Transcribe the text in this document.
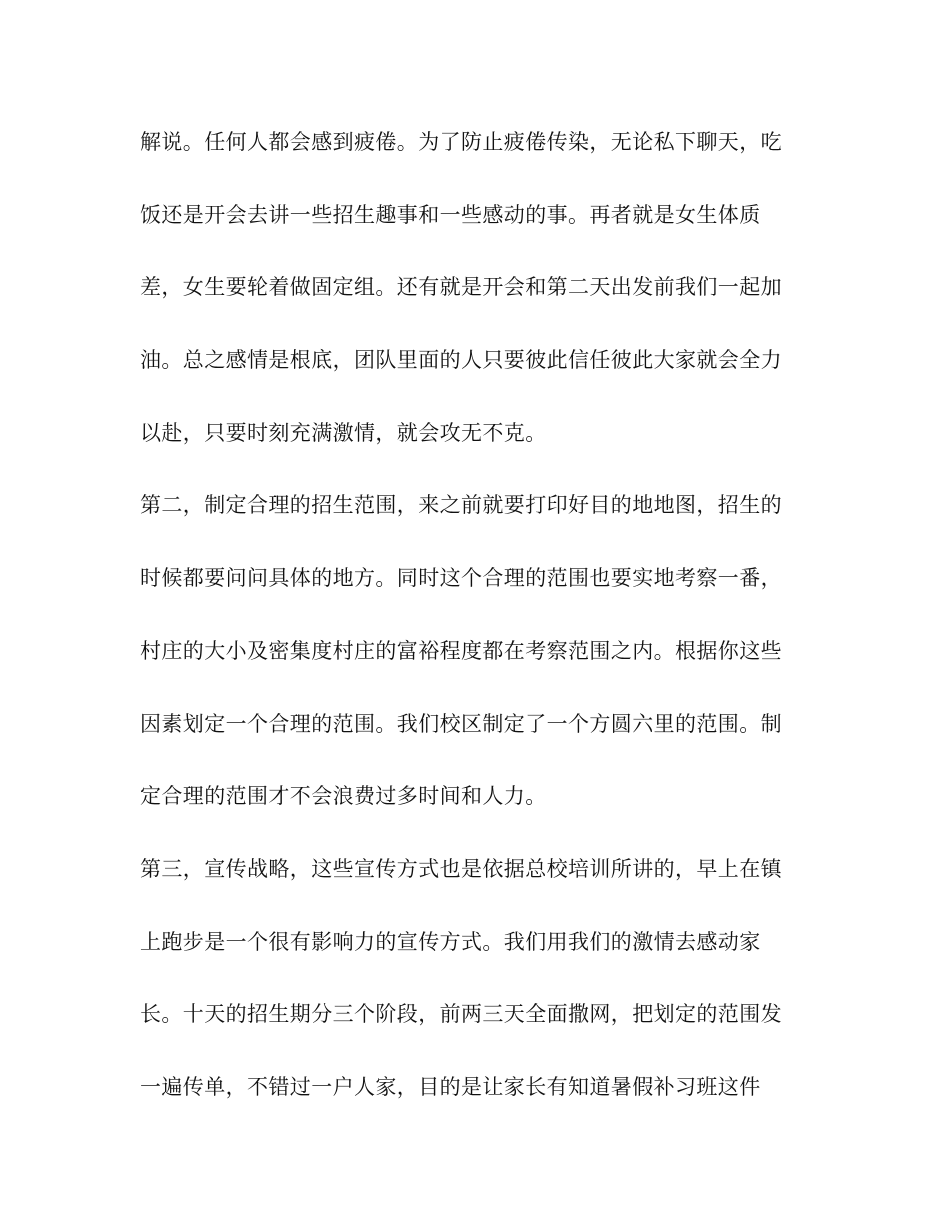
解说。任何人都会感到疲倦。为了防止疲倦传染，无论私下聊天，吃
饭还是开会去讲一些招生趣事和一些感动的事。再者就是女生体质
差，女生要轮着做固定组。还有就是开会和第二天出发前我们一起加
油。总之感情是根底，团队里面的人只要彼此信任彼此大家就会全力
以赴，只要时刻充满激情，就会攻无不克。
第二，制定合理的招生范围，来之前就要打印好目的地地图，招生的
时候都要问问具体的地方。同时这个合理的范围也要实地考察一番，
村庄的大小及密集度村庄的富裕程度都在考察范围之内。根据你这些
因素划定一个合理的范围。我们校区制定了一个方圆六里的范围。制
定合理的范围才不会浪费过多时间和人力。
第三，宣传战略，这些宣传方式也是依据总校培训所讲的，早上在镇
上跑步是一个很有影响力的宣传方式。我们用我们的激情去感动家
长。十天的招生期分三个阶段，前两三天全面撒网，把划定的范围发
一遍传单，不错过一户人家，目的是让家长有知道暑假补习班这件
